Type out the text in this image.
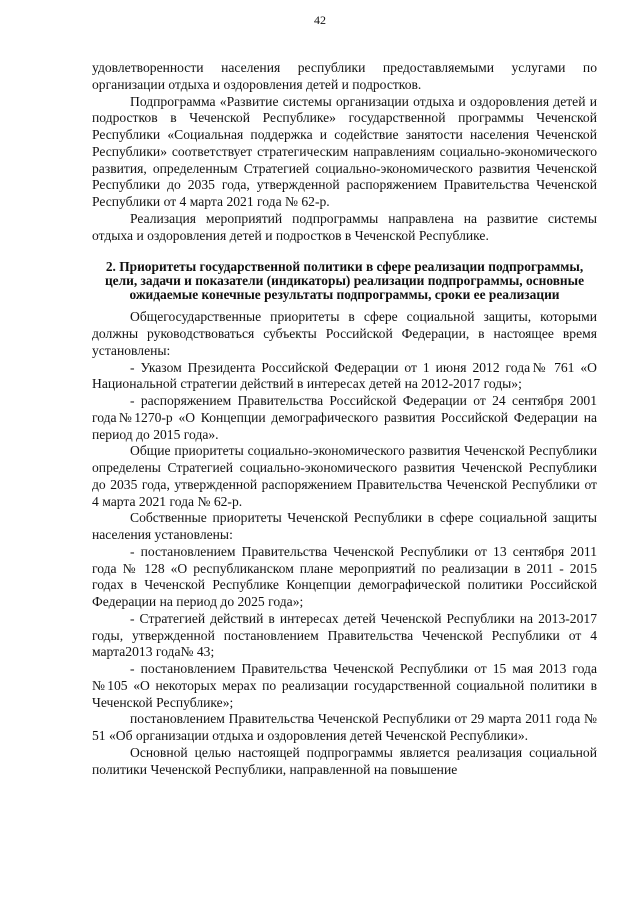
42

удовлетворенности населения республики предоставляемыми услугами по организации отдыха и оздоровления детей и подростков.

Подпрограмма «Развитие системы организации отдыха и оздоровления детей и подростков в Чеченской Республике» государственной программы Чеченской Республики «Социальная поддержка и содействие занятости населения Чеченской Республики» соответствует стратегическим направлениям социально-экономического развития, определенным Стратегией социально-экономического развития Чеченской Республики до 2035 года, утвержденной распоряжением Правительства Чеченской Республики от 4 марта 2021 года № 62-р.

Реализация мероприятий подпрограммы направлена на развитие системы отдыха и оздоровления детей и подростков в Чеченской Республике.

2. Приоритеты государственной политики в сфере реализации подпрограммы, цели, задачи и показатели (индикаторы) реализации подпрограммы, основные ожидаемые конечные результаты подпрограммы, сроки ее реализации

Общегосударственные приоритеты в сфере социальной защиты, которыми должны руководствоваться субъекты Российской Федерации, в настоящее время установлены:

- Указом Президента Российской Федерации от 1 июня 2012 года№ 761 «О Национальной стратегии действий в интересах детей на 2012-2017 годы»;

- распоряжением Правительства Российской Федерации от 24 сентября 2001 года№1270-р «О Концепции демографического развития Российской Федерации на период до 2015 года».

Общие приоритеты социально-экономического развития Чеченской Республики определены Стратегией социально-экономического развития Чеченской Республики до 2035 года, утвержденной распоряжением Правительства Чеченской Республики от 4 марта 2021 года № 62-р.

Собственные приоритеты Чеченской Республики в сфере социальной защиты населения установлены:

- постановлением Правительства Чеченской Республики от 13 сентября 2011 года № 128 «О республиканском плане мероприятий по реализации в 2011 - 2015 годах в Чеченской Республике Концепции демографической политики Российской Федерации на период до 2025 года»;

- Стратегией действий в интересах детей Чеченской Республики на 2013-2017 годы, утвержденной постановлением Правительства Чеченской Республики от 4 марта2013 года№ 43;

- постановлением Правительства Чеченской Республики от 15 мая 2013 года №105 «О некоторых мерах по реализации государственной социальной политики в Чеченской Республике»;

постановлением Правительства Чеченской Республики от 29 марта 2011 года № 51 «Об организации отдыха и оздоровления детей Чеченской Республики».

Основной целью настоящей подпрограммы является реализация социальной политики Чеченской Республики, направленной на повышение
